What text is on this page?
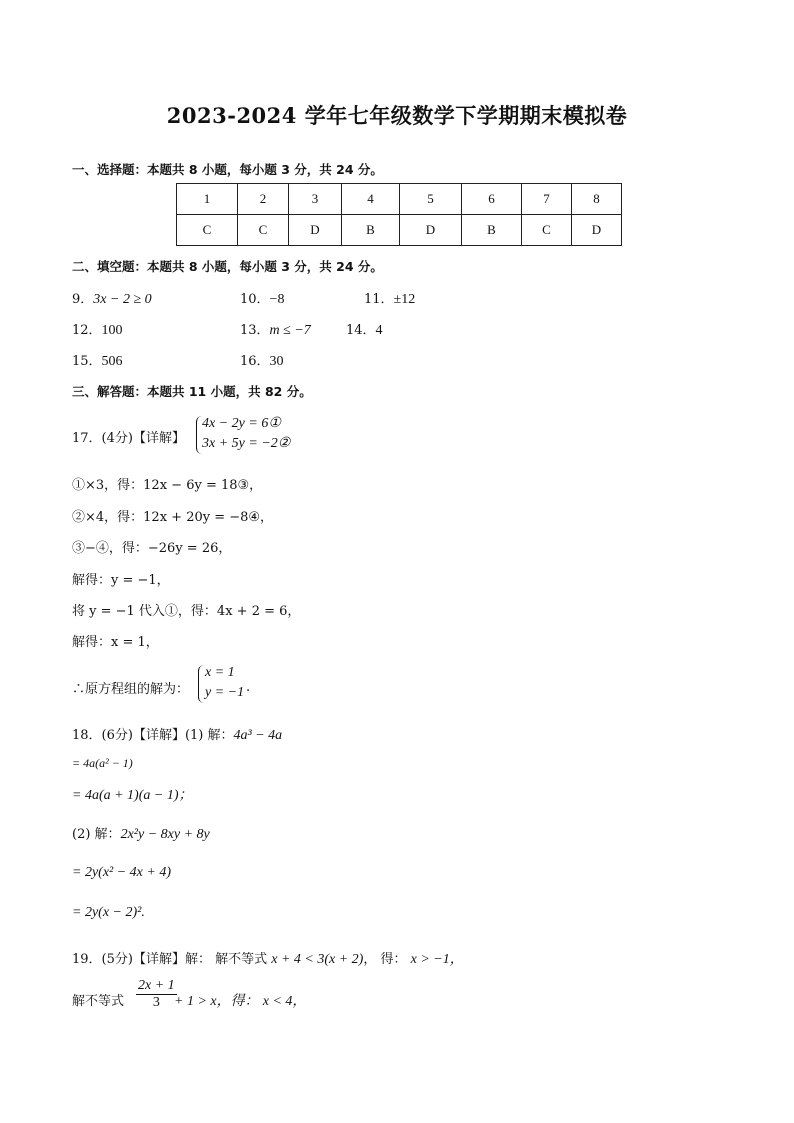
2023-2024 学年七年级数学下学期期末模拟卷
一、选择题：本题共 8 小题，每小题 3 分，共 24 分。
1	2	3	4	5	6	7	8
C	C	D	B	D	B	C	D
二、填空题：本题共 8 小题，每小题 3 分，共 24 分。
9．3x − 2 ≥ 0	10．−8	11．±12
12．100	13．m ≤ −7	14．4
15．506	16．30
三、解答题：本题共 11 小题，共 82 分。
17．(4分)【详解】
4x − 2y = 6①
3x + 5y = −2②
①×3，得：12x − 6y = 18③，
②×4，得：12x + 20y = −8④，
③−④，得：−26y = 26，
解得：y = −1，
将 y = −1 代入①，得：4x + 2 = 6，
解得：x = 1，
∴原方程组的解为：
x = 1
y = −1 .
18．(6分)【详解】(1) 解：4a³ − 4a
= 4a(a² − 1)
= 4a(a + 1)(a − 1)；
(2) 解：2x²y − 8xy + 8y
= 2y(x² − 4x + 4)
= 2y(x − 2)².
19．(5分)【详解】解： 解不等式 x + 4 < 3(x + 2)， 得： x > −1，
解不等式 $\frac{2x + 1}{3}$
+ 1 > x，得： x < 4，
